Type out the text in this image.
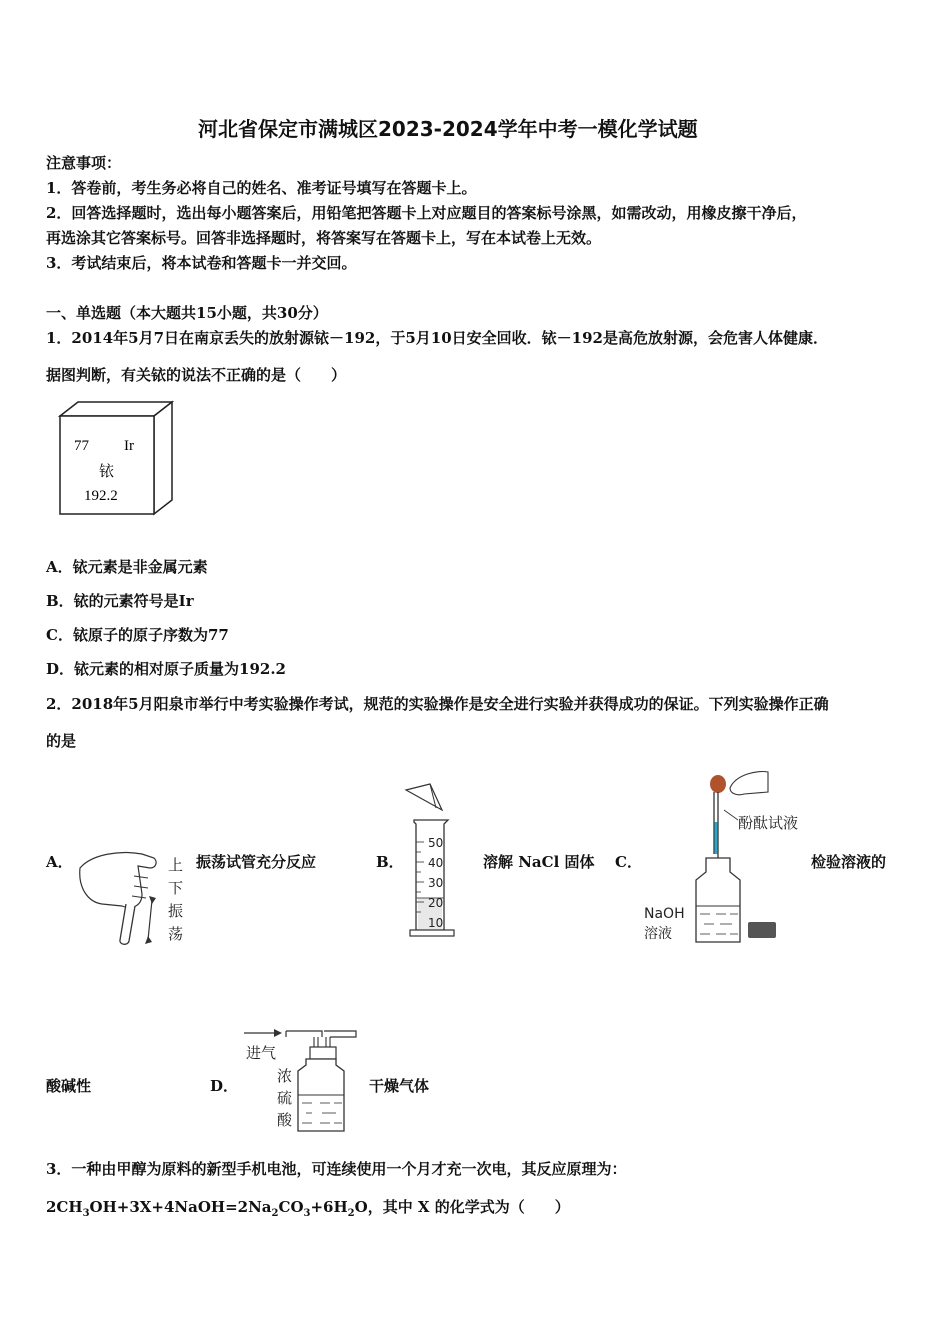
河北省保定市满城区2023-2024学年中考一模化学试题
注意事项：
1．答卷前，考生务必将自己的姓名、准考证号填写在答题卡上。
2．回答选择题时，选出每小题答案后，用铅笔把答题卡上对应题目的答案标号涂黑，如需改动，用橡皮擦干净后，
再选涂其它答案标号。回答非选择题时，将答案写在答题卡上，写在本试卷上无效。
3．考试结束后，将本试卷和答题卡一并交回。
一、单选题（本大题共15小题，共30分）
1．2014年5月7日在南京丢失的放射源铱－192，于5月10日安全回收．铱－192是高危放射源，会危害人体健康．
据图判断，有关铱的说法不正确的是（　　）
77 Ir
铱
192.2
A．铱元素是非金属元素
B．铱的元素符号是Ir
C．铱原子的原子序数为77
D．铱元素的相对原子质量为192.2
2．2018年5月阳泉市举行中考实验操作考试，规范的实验操作是安全进行实验并获得成功的保证。下列实验操作正确
的是
A．	上
下
振
荡
振荡试管充分反应	B．
50
40
30
20
10
溶解 NaCl 固体 C．
酚酞试液
NaOH
溶液
检验溶液的
酸碱性	D．
进气
浓
硫
酸
干燥气体
3．一种由甲醇为原料的新型手机电池，可连续使用一个月才充一次电，其反应原理为：
$2CH_3OH+3X+4NaOH=2Na_2CO_3+6H_2O$，其中 X 的化学式为（　　）
